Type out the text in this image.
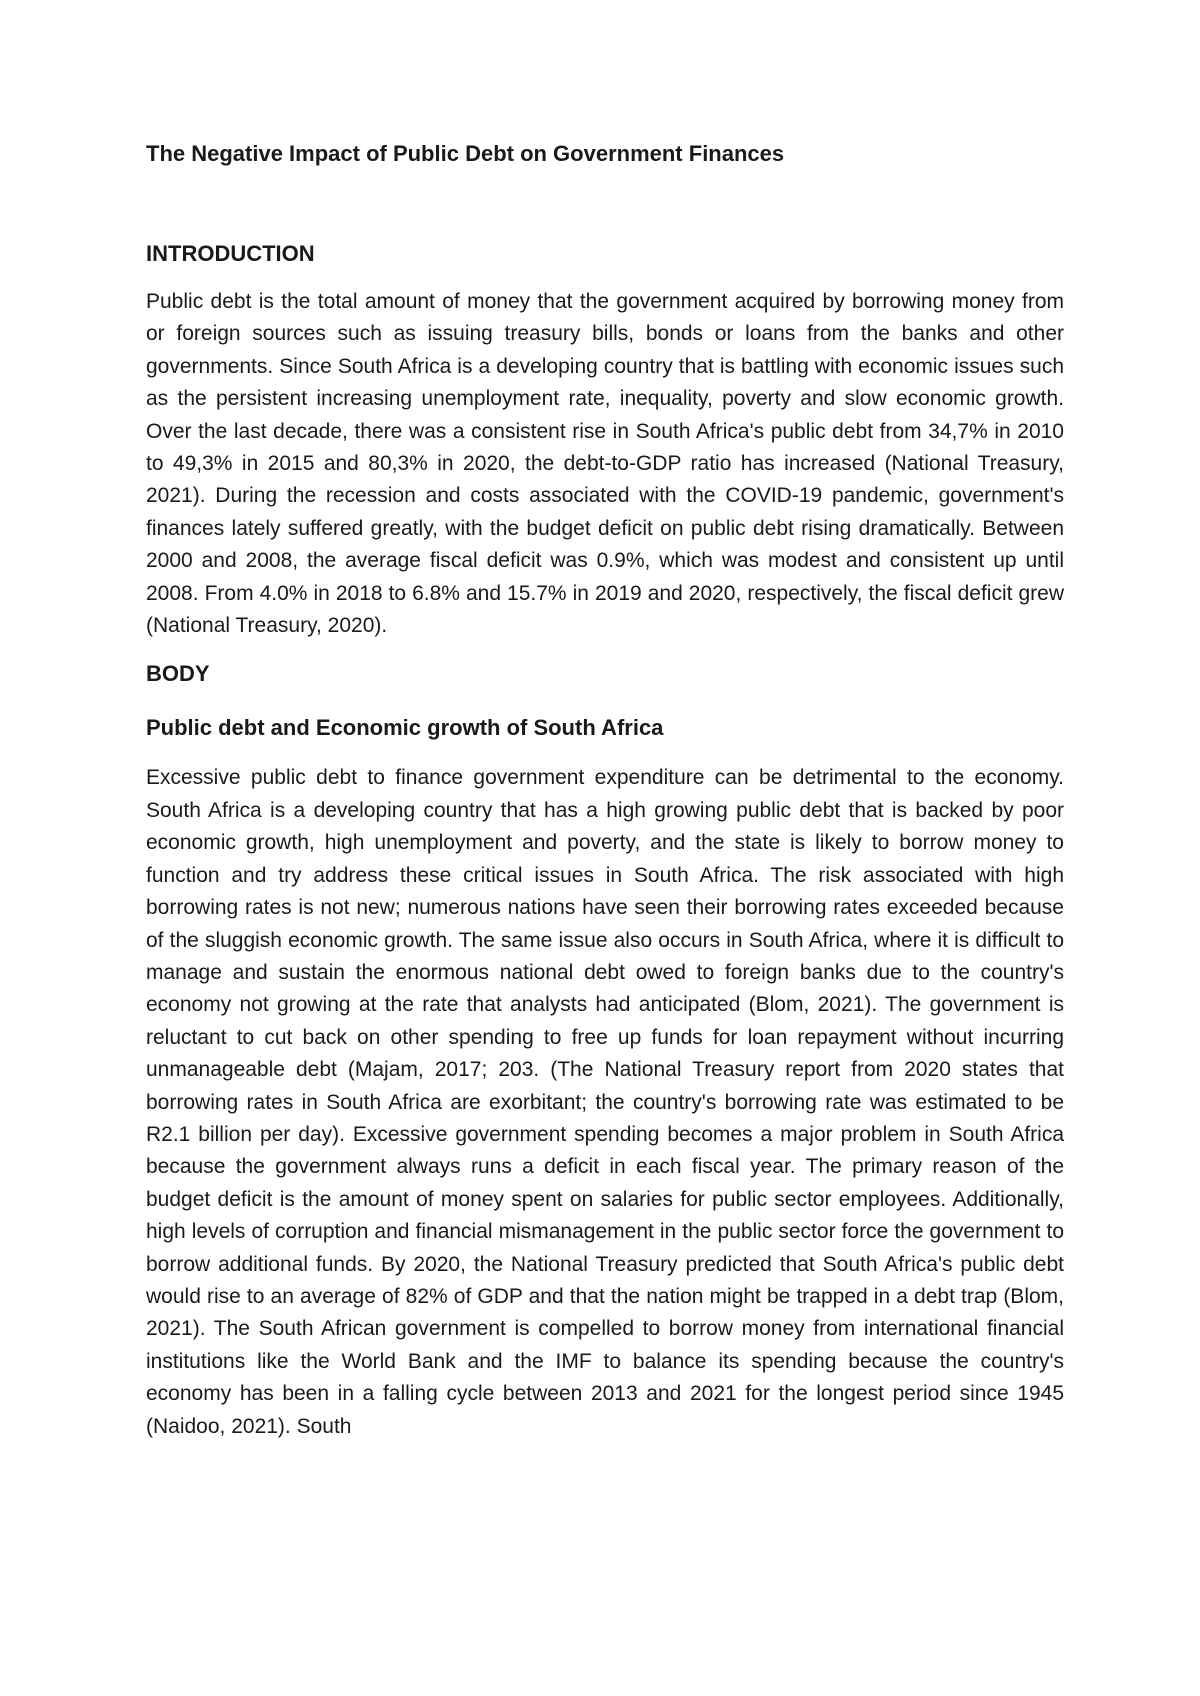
The Negative Impact of Public Debt on Government Finances
INTRODUCTION

Public debt is the total amount of money that the government acquired by borrowing money from or foreign sources such as issuing treasury bills, bonds or loans from the banks and other governments. Since South Africa is a developing country that is battling with economic issues such as the persistent increasing unemployment rate, inequality, poverty and slow economic growth. Over the last decade, there was a consistent rise in South Africa's public debt from 34,7% in 2010 to 49,3% in 2015 and 80,3% in 2020, the debt-to-GDP ratio has increased (National Treasury, 2021). During the recession and costs associated with the COVID-19 pandemic, government's finances lately suffered greatly, with the budget deficit on public debt rising dramatically. Between 2000 and 2008, the average fiscal deficit was 0.9%, which was modest and consistent up until 2008. From 4.0% in 2018 to 6.8% and 15.7% in 2019 and 2020, respectively, the fiscal deficit grew (National Treasury, 2020).

BODY
Public debt and Economic growth of South Africa

Excessive public debt to finance government expenditure can be detrimental to the economy. South Africa is a developing country that has a high growing public debt that is backed by poor economic growth, high unemployment and poverty, and the state is likely to borrow money to function and try address these critical issues in South Africa. The risk associated with high borrowing rates is not new; numerous nations have seen their borrowing rates exceeded because of the sluggish economic growth. The same issue also occurs in South Africa, where it is difficult to manage and sustain the enormous national debt owed to foreign banks due to the country's economy not growing at the rate that analysts had anticipated (Blom, 2021). The government is reluctant to cut back on other spending to free up funds for loan repayment without incurring unmanageable debt (Majam, 2017; 203. (The National Treasury report from 2020 states that borrowing rates in South Africa are exorbitant; the country's borrowing rate was estimated to be R2.1 billion per day). Excessive government spending becomes a major problem in South Africa because the government always runs a deficit in each fiscal year. The primary reason of the budget deficit is the amount of money spent on salaries for public sector employees. Additionally, high levels of corruption and financial mismanagement in the public sector force the government to borrow additional funds. By 2020, the National Treasury predicted that South Africa's public debt would rise to an average of 82% of GDP and that the nation might be trapped in a debt trap (Blom, 2021). The South African government is compelled to borrow money from international financial institutions like the World Bank and the IMF to balance its spending because the country's economy has been in a falling cycle between 2013 and 2021 for the longest period since 1945 (Naidoo, 2021). South
